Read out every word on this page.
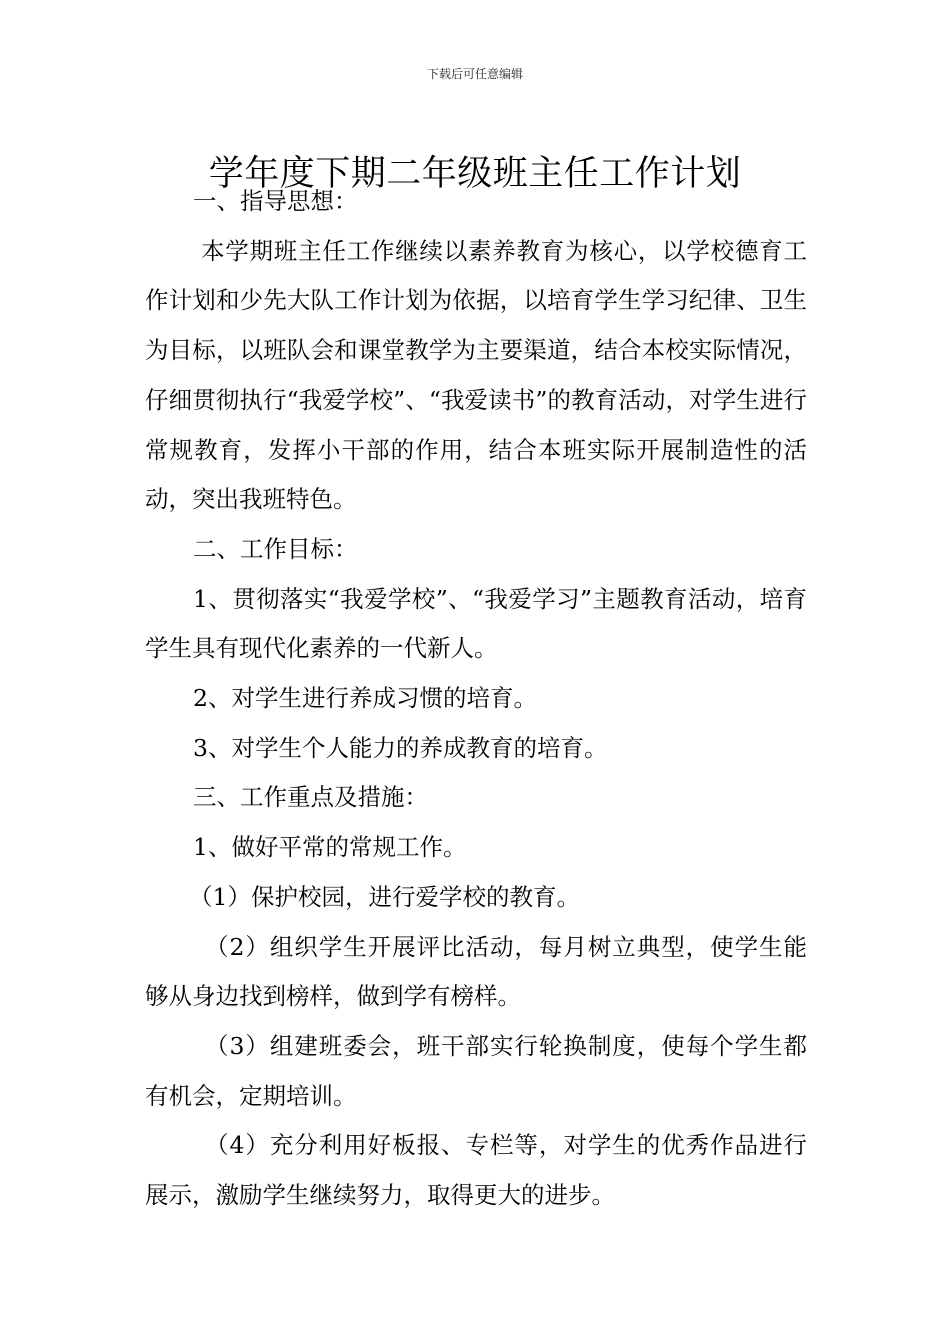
下载后可任意编辑
学年度下期二年级班主任工作计划

一、指导思想：

本学期班主任工作继续以素养教育为核心，以学校德育工作计划和少先大队工作计划为依据，以培育学生学习纪律、卫生为目标，以班队会和课堂教学为主要渠道，结合本校实际情况，仔细贯彻执行“我爱学校”、“我爱读书”的教育活动，对学生进行常规教育，发挥小干部的作用，结合本班实际开展制造性的活动，突出我班特色。

二、工作目标：

1、贯彻落实“我爱学校”、“我爱学习”主题教育活动，培育学生具有现代化素养的一代新人。

2、对学生进行养成习惯的培育。

3、对学生个人能力的养成教育的培育。

三、工作重点及措施：

1、做好平常的常规工作。

（1）保护校园，进行爱学校的教育。

（2）组织学生开展评比活动，每月树立典型，使学生能够从身边找到榜样，做到学有榜样。

（3）组建班委会，班干部实行轮换制度，使每个学生都有机会，定期培训。

（4）充分利用好板报、专栏等，对学生的优秀作品进行展示，激励学生继续努力，取得更大的进步。
